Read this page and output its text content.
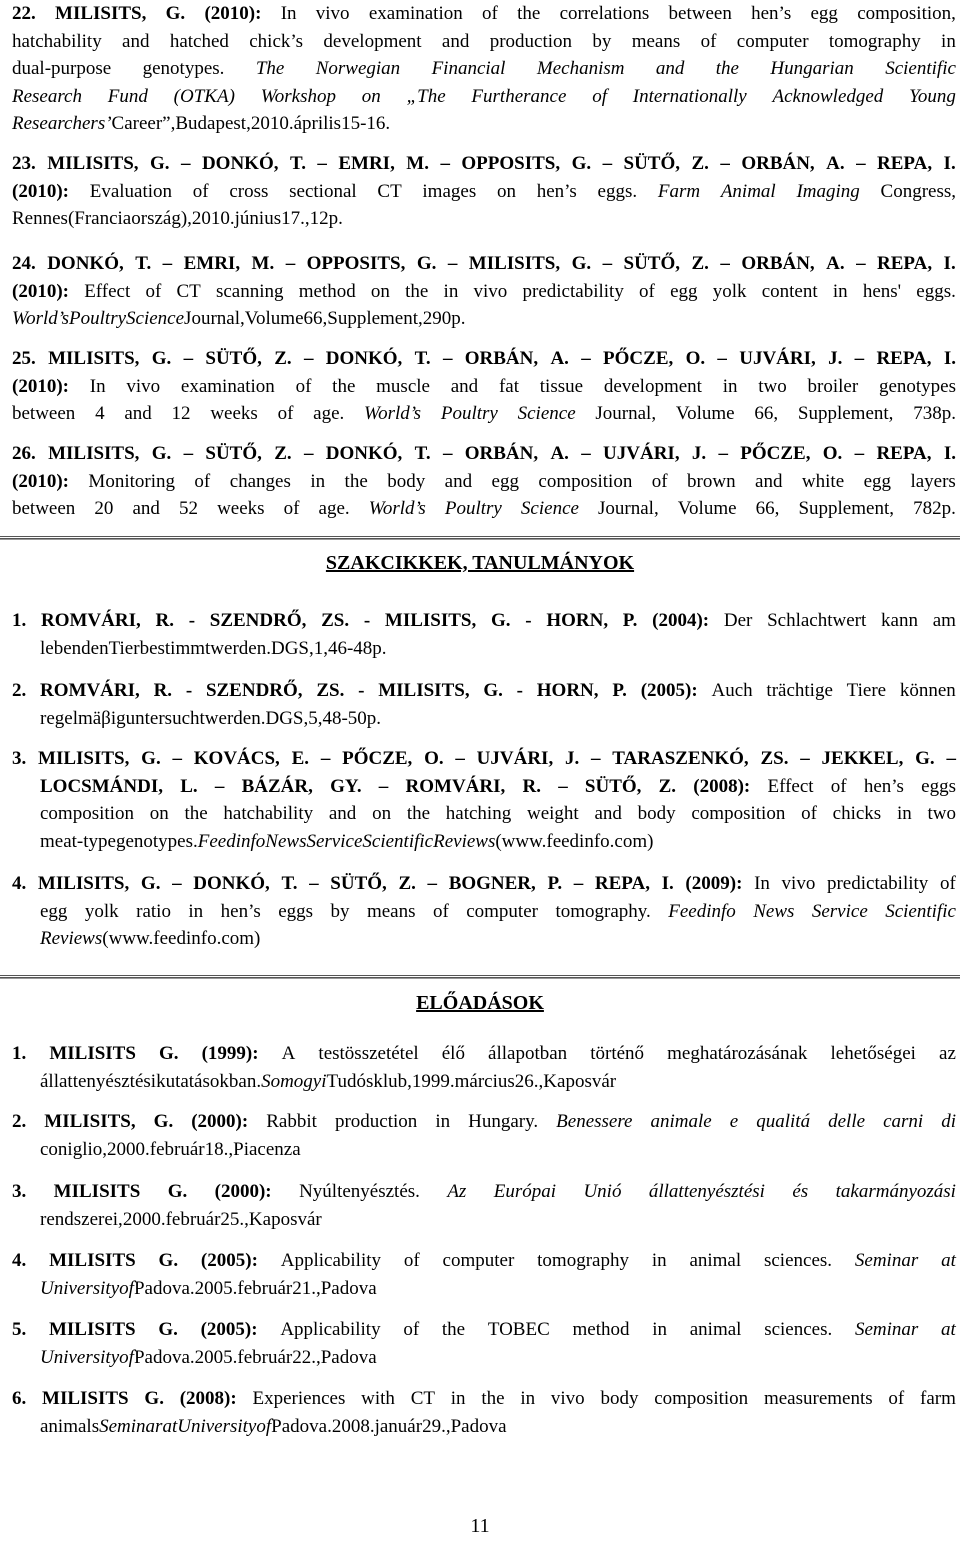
22. MILISITS, G. (2010): In vivo examination of the correlations between hen’s egg composition,
hatchability and hatched chick’s development and production by means of computer tomography in
dual-purpose genotypes. The Norwegian Financial Mechanism and the Hungarian Scientific
Research Fund (OTKA) Workshop on „The Furtherance of Internationally Acknowledged Young
Researchers’ Career”, Budapest, 2010. április 15-16.
23. MILISITS, G. – DONKÓ, T. – EMRI, M. – OPPOSITS, G. – SÜTŐ, Z. – ORBÁN, A. – REPA, I.
(2010): Evaluation of cross sectional CT images on hen’s eggs. Farm Animal Imaging Congress,
Rennes (Franciaország), 2010. június 17., 12p.
24. DONKÓ, T. – EMRI, M. – OPPOSITS, G. – MILISITS, G. – SÜTŐ, Z. – ORBÁN, A. – REPA, I.
(2010): Effect of CT scanning method on the in vivo predictability of egg yolk content in hens' eggs.
World’s Poultry Science Journal, Volume 66, Supplement, 290p.
25. MILISITS, G. – SÜTŐ, Z. – DONKÓ, T. – ORBÁN, A. – PŐCZE, O. – UJVÁRI, J. – REPA, I.
(2010): In vivo examination of the muscle and fat tissue development in two broiler genotypes
between 4 and 12 weeks of age. World’s Poultry Science Journal, Volume 66, Supplement, 738p.
26. MILISITS, G. – SÜTŐ, Z. – DONKÓ, T. – ORBÁN, A. – UJVÁRI, J. – PŐCZE, O. – REPA, I.
(2010): Monitoring of changes in the body and egg composition of brown and white egg layers
between 20 and 52 weeks of age. World’s Poultry Science Journal, Volume 66, Supplement, 782p.
SZAKCIKKEK, TANULMÁNYOK
1. ROMVÁRI, R. - SZENDRŐ, ZS. - MILISITS, G. - HORN, P. (2004): Der Schlachtwert kann am
lebenden Tier bestimmt werden. DGS, 1, 46-48p.
2. ROMVÁRI, R. - SZENDRŐ, ZS. - MILISITS, G. - HORN, P. (2005): Auch trächtige Tiere können
regelmäβig untersucht werden. DGS, 5, 48-50p.
3. MILISITS, G. – KOVÁCS, E. – PŐCZE, O. – UJVÁRI, J. – TARASZENKÓ, ZS. – JEKKEL, G. –
LOCSMÁNDI, L. – BÁZÁR, GY. – ROMVÁRI, R. – SÜTŐ, Z. (2008): Effect of hen’s eggs
composition on the hatchability and on the hatching weight and body composition of chicks in two
meat-type genotypes. Feedinfo News Service Scientific Reviews (www.feedinfo.com)
4. MILISITS, G. – DONKÓ, T. – SÜTŐ, Z. – BOGNER, P. – REPA, I. (2009): In vivo predictability of
egg yolk ratio in hen’s eggs by means of computer tomography. Feedinfo News Service Scientific
Reviews (www.feedinfo.com)
ELŐADÁSOK
1. MILISITS G. (1999): A testösszetétel élő állapotban történő meghatározásának lehetőségei az
állattenyésztési kutatásokban. Somogyi Tudósklub, 1999. március 26., Kaposvár
2. MILISITS, G. (2000): Rabbit production in Hungary. Benessere animale e qualitá delle carni di
coniglio, 2000. február 18., Piacenza
3. MILISITS G. (2000): Nyúltenyésztés. Az Európai Unió állattenyésztési és takarmányozási
rendszerei, 2000. február 25., Kaposvár
4. MILISITS G. (2005): Applicability of computer tomography in animal sciences. Seminar at
University of Padova. 2005. február 21., Padova
5. MILISITS G. (2005): Applicability of the TOBEC method in animal sciences. Seminar at
University of Padova. 2005. február 22., Padova
6. MILISITS G. (2008): Experiences with CT in the in vivo body composition measurements of farm
animals Seminar at University of Padova. 2008. január 29., Padova
11
